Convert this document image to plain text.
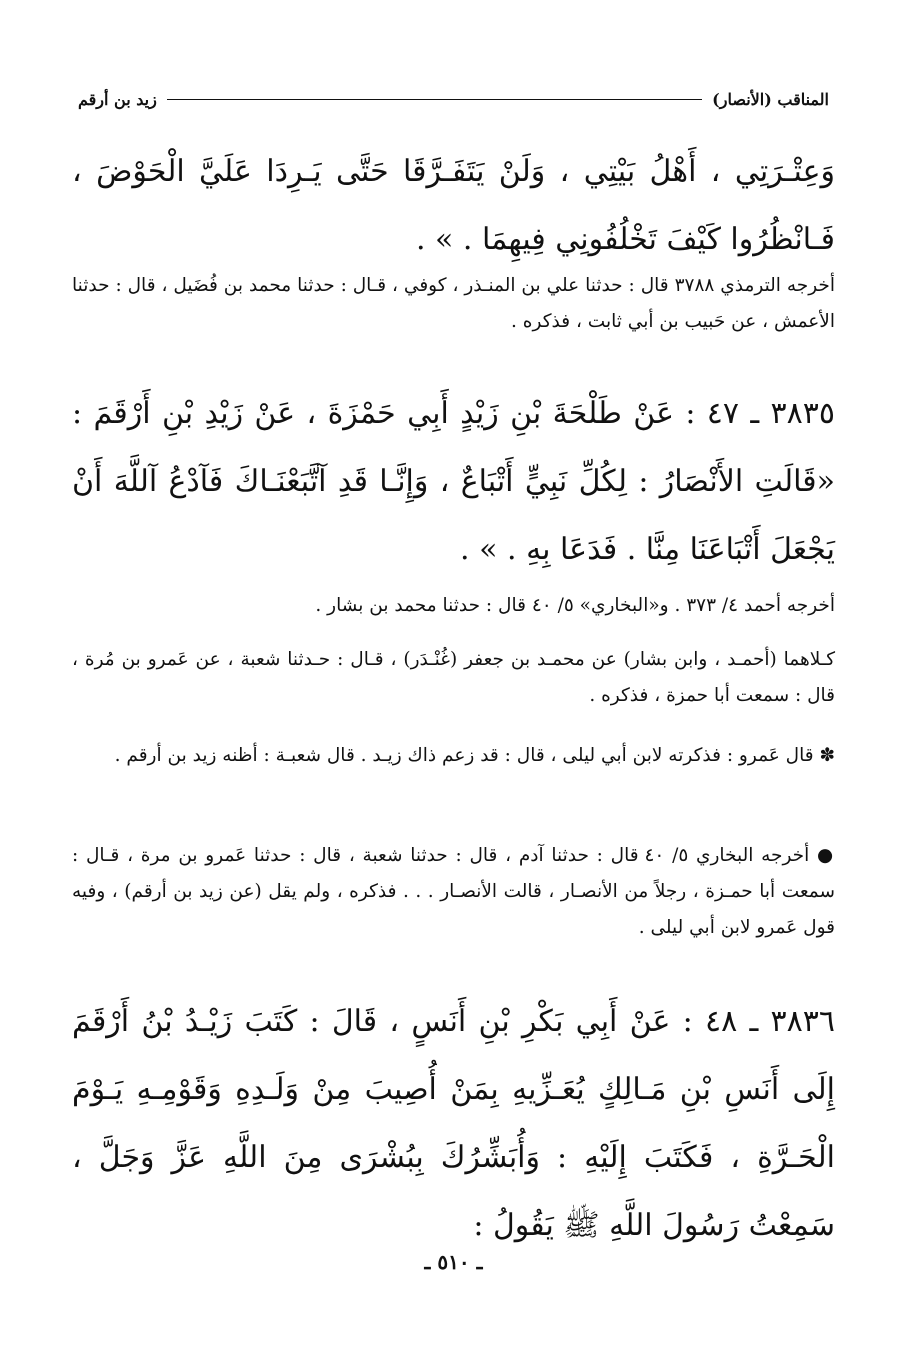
المناقب (الأنصار)
زيد بن أرقم

وَعِتْـرَتِي ، أَهْلُ بَيْتِي ، وَلَنْ يَتَفَـرَّقَا حَتَّى يَـرِدَا عَلَيَّ الْحَوْضَ ، فَـانْظُرُوا كَيْفَ تَخْلُفُونِي فِيهِمَا . » .

أخرجه الترمذي ٣٧٨٨ قال : حدثنا علي بن المنـذر ، كوفي ، قـال : حدثنا محمد بن فُضَيل ، قال : حدثنا الأعمش ، عن حَبيب بن أبي ثابت ، فذكره .

٣٨٣٥ ـ ٤٧ : عَنْ طَلْحَةَ بْنِ زَيْدٍ أَبِي حَمْزَةَ ، عَنْ زَيْدِ بْنِ أَرْقَمَ : «قَالَتِ الأَنْصَارُ : لِكُلِّ نَبِيٍّ أَتْبَاعٌ ، وَإِنَّـا قَدِ آتَّبَعْنَـاكَ فَآدْعُ آللَّهَ أَنْ يَجْعَلَ أَتْبَاعَنَا مِنَّا . فَدَعَا بِهِ . » .

أخرجه أحمد ٤/ ٣٧٣ . و«البخاري» ٥/ ٤٠ قال : حدثنا محمد بن بشار .

كـلاهما (أحمـد ، وابن بشار) عن محمـد بن جعفر (غُنْـدَر) ، قـال : حـدثنا شعبة ، عن عَمرو بن مُرة ، قال : سمعت أبا حمزة ، فذكره .

✽ قال عَمرو : فذكرته لابن أبي ليلى ، قال : قد زعم ذاك زيـد . قال شعبـة : أظنه زيد بن أرقم .

● أخرجه البخاري ٥/ ٤٠ قال : حدثنا آدم ، قال : حدثنا شعبة ، قال : حدثنا عَمرو بن مرة ، قـال : سمعت أبا حمـزة ، رجلاً من الأنصـار ، قالت الأنصـار . . . فذكره ، ولم يقل (عن زيد بن أرقم) ، وفيه قول عَمرو لابن أبي ليلى .

٣٨٣٦ ـ ٤٨ : عَنْ أَبِي بَكْرِ بْنِ أَنَسٍ ، قَالَ : كَتَبَ زَيْـدُ بْنُ أَرْقَمَ إِلَى أَنَسِ بْنِ مَـالِكٍ يُعَـزِّيهِ بِمَنْ أُصِيبَ مِنْ وَلَـدِهِ وَقَوْمِـهِ يَـوْمَ الْحَـرَّةِ ، فَكَتَبَ إِلَيْهِ : وَأُبَشِّرُكَ بِبُشْرَى مِنَ اللَّهِ عَزَّ وَجَلَّ ، سَمِعْتُ رَسُولَ اللَّهِ ﷺ يَقُولُ :

ـ ٥١٠ ـ
